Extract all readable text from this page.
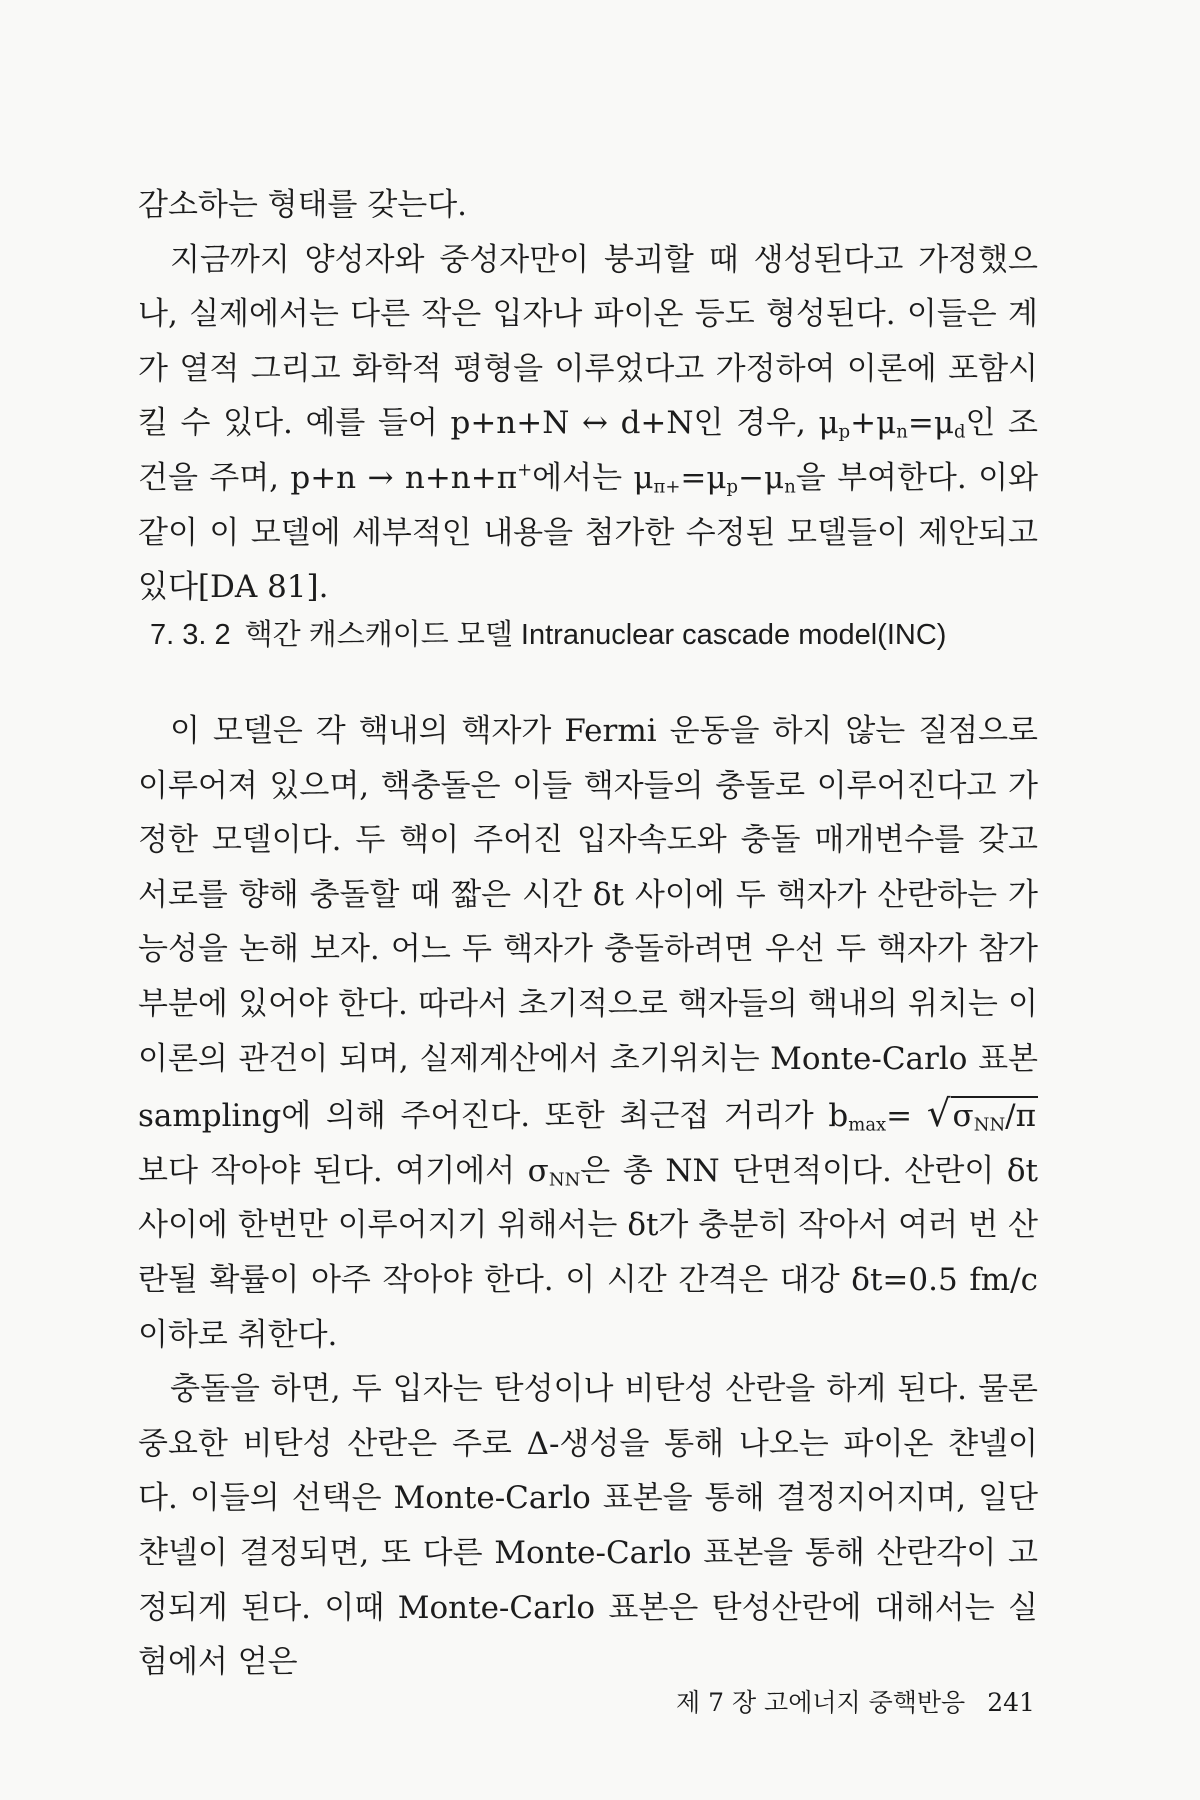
감소하는 형태를 갖는다.

지금까지 양성자와 중성자만이 붕괴할 때 생성된다고 가정했으나, 실제에서는 다른 작은 입자나 파이온 등도 형성된다. 이들은 계가 열적 그리고 화학적 평형을 이루었다고 가정하여 이론에 포함시킬 수 있다. 예를 들어 p+n+N ↔ d+N인 경우, $\mu_p+\mu_n=\mu_d$인 조건을 주며, p+n → n+n+π+에서는 $\mu_{\pi+}=\mu_p-\mu_n$을 부여한다. 이와 같이 이 모델에 세부적인 내용을 첨가한 수정된 모델들이 제안되고 있다[DA 81].

7. 3. 2 핵간 캐스캐이드 모델 Intranuclear cascade model(INC)

이 모델은 각 핵내의 핵자가 Fermi 운동을 하지 않는 질점으로 이루어져 있으며, 핵충돌은 이들 핵자들의 충돌로 이루어진다고 가정한 모델이다. 두 핵이 주어진 입자속도와 충돌 매개변수를 갖고 서로를 향해 충돌할 때 짧은 시간 δt 사이에 두 핵자가 산란하는 가능성을 논해 보자. 어느 두 핵자가 충돌하려면 우선 두 핵자가 참가 부분에 있어야 한다. 따라서 초기적으로 핵자들의 핵내의 위치는 이 이론의 관건이 되며, 실제계산에서 초기위치는 Monte-Carlo 표본 sampling에 의해 주어진다. 또한 최근접 거리가 $b_{max}= √\sigma_{NN}/\pi$ 보다 작아야 된다. 여기에서 $\sigma_{NN}$은 총 NN 단면적이다. 산란이 δt 사이에 한번만 이루어지기 위해서는 δt가 충분히 작아서 여러 번 산란될 확률이 아주 작아야 한다. 이 시간 간격은 대강 δt=0.5 fm/c 이하로 취한다.

충돌을 하면, 두 입자는 탄성이나 비탄성 산란을 하게 된다. 물론 중요한 비탄성 산란은 주로 Δ-생성을 통해 나오는 파이온 챤넬이다. 이들의 선택은 Monte-Carlo 표본을 통해 결정지어지며, 일단 챤넬이 결정되면, 또 다른 Monte-Carlo 표본을 통해 산란각이 고정되게 된다. 이때 Monte-Carlo 표본은 탄성산란에 대해서는 실험에서 얻은

제 7 장 고에너지 중핵반응 241
